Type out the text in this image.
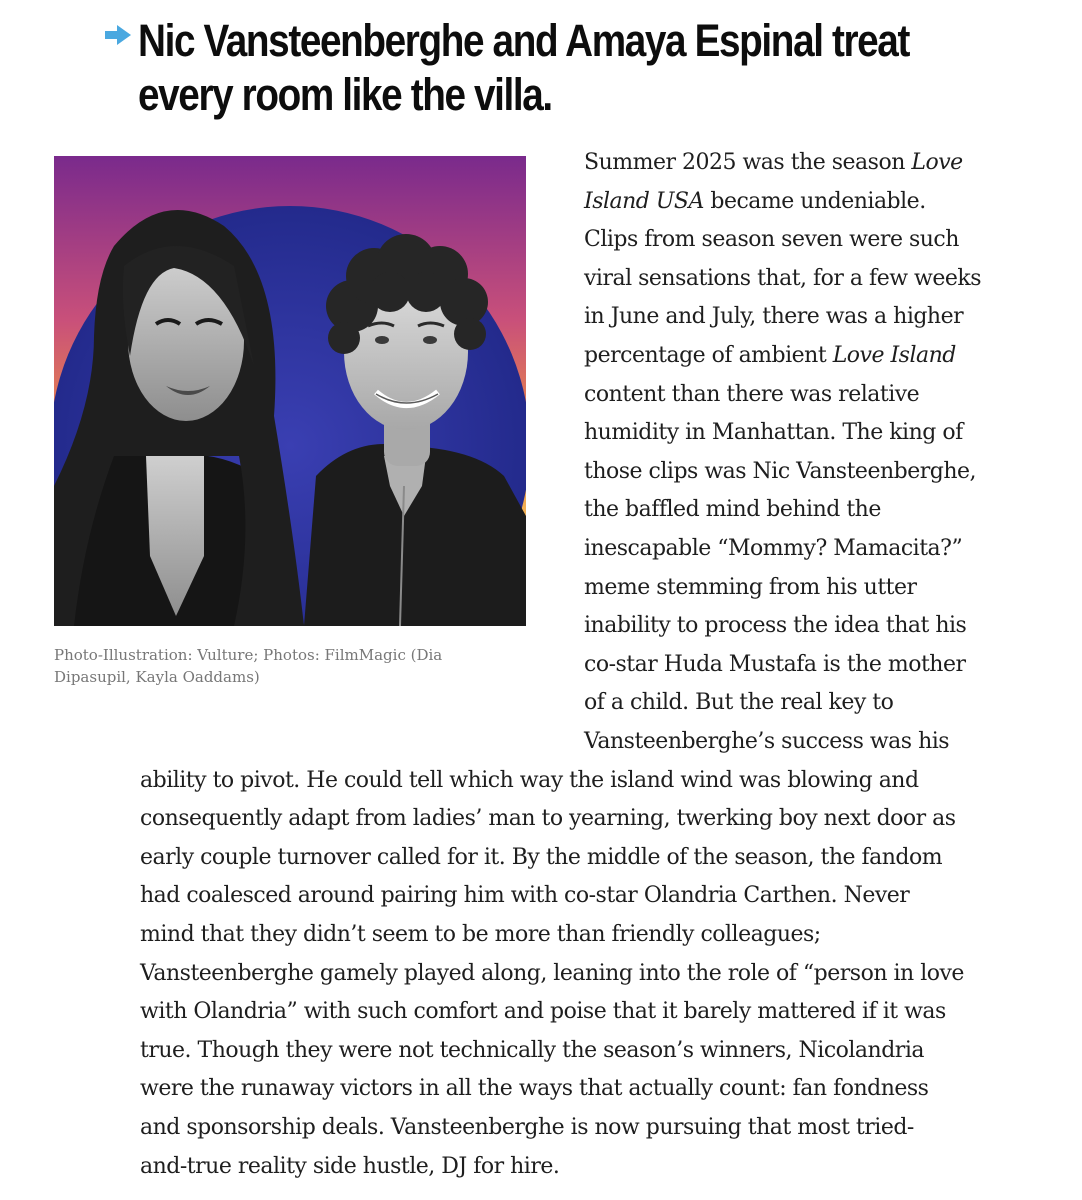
Nic Vansteenberghe and Amaya Espinal treat
every room like the villa.
Photo-Illustration: Vulture; Photos: FilmMagic (Dia
Dipasupil, Kayla Oaddams)
Summer 2025 was the season Love
Island USA became undeniable.
Clips from season seven were such
viral sensations that, for a few weeks
in June and July, there was a higher
percentage of ambient Love Island
content than there was relative
humidity in Manhattan. The king of
those clips was Nic Vansteenberghe,
the baffled mind behind the
inescapable “Mommy? Mamacita?”
meme stemming from his utter
inability to process the idea that his
co-star Huda Mustafa is the mother
of a child. But the real key to
Vansteenberghe’s success was his
ability to pivot. He could tell which way the island wind was blowing and
consequently adapt from ladies’ man to yearning, twerking boy next door as
early couple turnover called for it. By the middle of the season, the fandom
had coalesced around pairing him with co-star Olandria Carthen. Never
mind that they didn’t seem to be more than friendly colleagues;
Vansteenberghe gamely played along, leaning into the role of “person in love
with Olandria” with such comfort and poise that it barely mattered if it was
true. Though they were not technically the season’s winners, Nicolandria
were the runaway victors in all the ways that actually count: fan fondness
and sponsorship deals. Vansteenberghe is now pursuing that most tried-
and-true reality side hustle, DJ for hire.
